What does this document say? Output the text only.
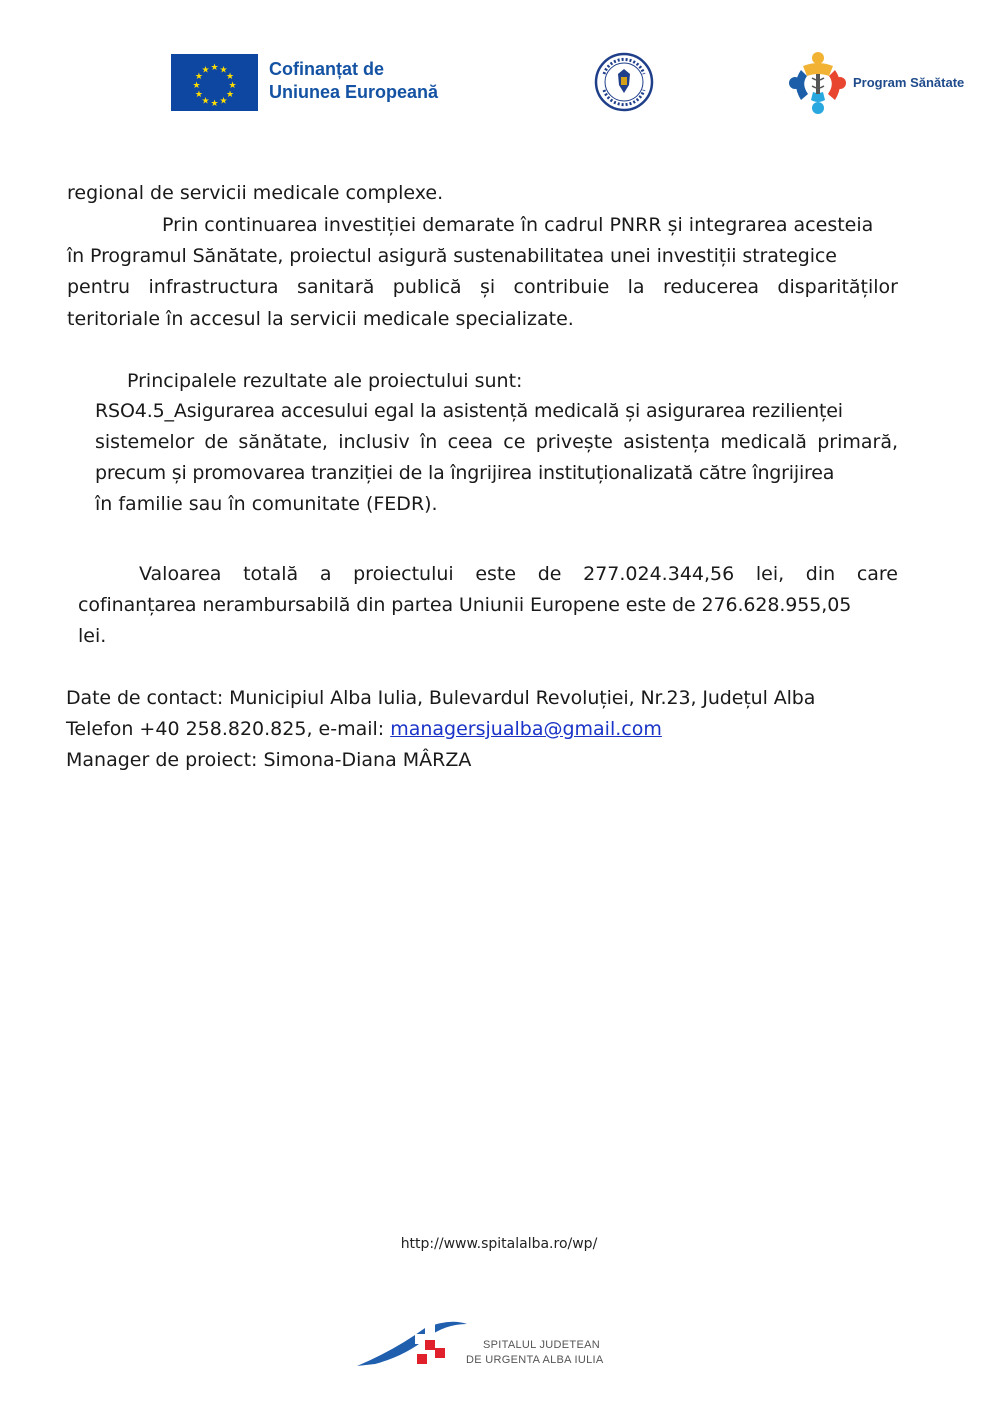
★ ★
★
★
★
★
★
★
★
★
★
★	Cofinanțat de
Uniunea Europeană	Program Sănătate
regional de servicii medicale complexe.
Prin continuarea investiției demarate în cadrul PNRR și integrarea acesteia
în Programul Sănătate, proiectul asigură sustenabilitatea unei investiții strategice
pentru infrastructura sanitară publică și contribuie la reducerea disparităților
teritoriale în accesul la servicii medicale specializate.
Principalele rezultate ale proiectului sunt:
RSO4.5_Asigurarea accesului egal la asistență medicală și asigurarea rezilienței
sistemelor de sănătate, inclusiv în ceea ce privește asistența medicală primară,
precum și promovarea tranziției de la îngrijirea instituționalizată către îngrijirea
în familie sau în comunitate (FEDR).
Valoarea totală a proiectului este de 277.024.344,56 lei, din care
cofinanțarea nerambursabilă din partea Uniunii Europene este de 276.628.955,05
lei.
Date de contact: Municipiul Alba Iulia, Bulevardul Revoluției, Nr.23, Județul Alba
Telefon +40 258.820.825, e-mail: managersjualba@gmail.com
Manager de proiect: Simona-Diana MÂRZA
http://www.spitalalba.ro/wp/
SPITALUL JUDETEAN
DE URGENTA ALBA IULIA
